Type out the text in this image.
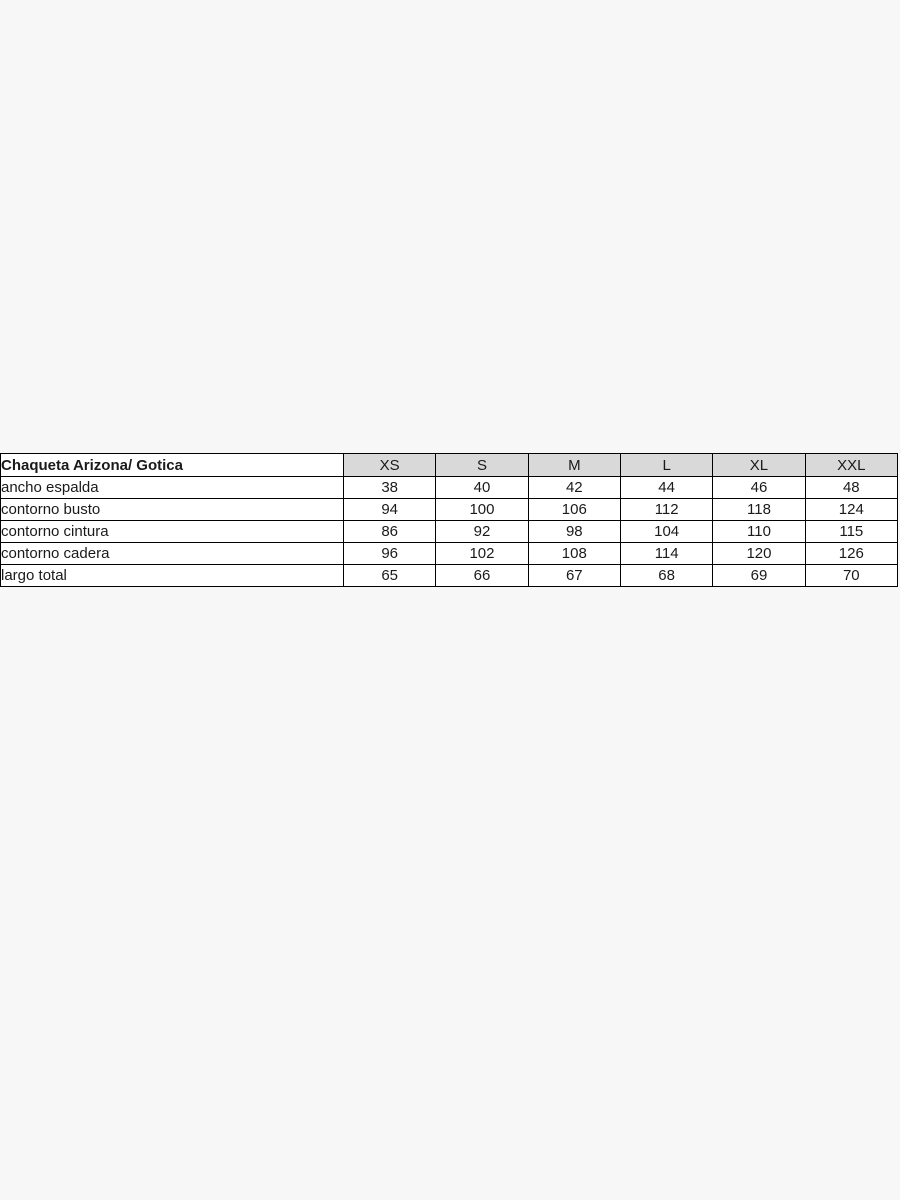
Chaqueta Arizona/ Gotica	XS	S	M	L	XL	XXL
ancho espalda	38	40	42	44	46	48
contorno busto	94	100	106	112	118	124
contorno cintura	86	92	98	104	110	115
contorno cadera	96	102	108	114	120	126
largo total	65	66	67	68	69	70
